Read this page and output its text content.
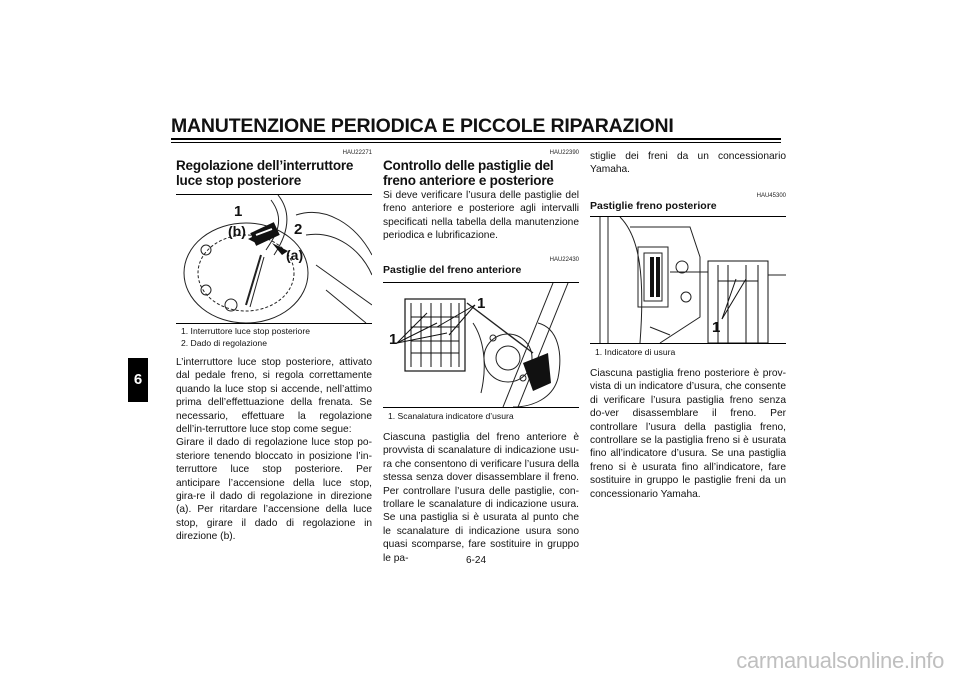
MANUTENZIONE PERIODICA E PICCOLE RIPARAZIONI
6
HAU22271
Regolazione dell’interruttore luce stop posteriore
1
2
(b)
(a)
1. Interruttore luce stop posteriore
2. Dado di regolazione
L’interruttore luce stop posteriore, attivato dal pedale freno, si regola correttamente quando la luce stop si accende, nell’attimo prima dell’effettuazione della frenata. Se necessario, effettuare la regolazione dell’in-terruttore luce stop come segue:
Girare il dado di regolazione luce stop po-steriore tenendo bloccato in posizione l’in-terruttore luce stop posteriore. Per anticipare l’accensione della luce stop, gira-re il dado di regolazione in direzione (a). Per ritardare l’accensione della luce stop, girare il dado di regolazione in direzione (b).
HAU22390
Controllo delle pastiglie del freno anteriore e posteriore
Si deve verificare l’usura delle pastiglie del freno anteriore e posteriore agli intervalli specificati nella tabella della manutenzione periodica e lubrificazione.
HAU22430
Pastiglie del freno anteriore
1
1
1. Scanalatura indicatore d’usura
Ciascuna pastiglia del freno anteriore è provvista di scanalature di indicazione usu-ra che consentono di verificare l’usura della stessa senza dover disassemblare il freno. Per controllare l’usura delle pastiglie, con-trollare le scanalature di indicazione usura. Se una pastiglia si è usurata al punto che le scanalature di indicazione usura sono quasi scomparse, fare sostituire in gruppo le pa-
stiglie dei freni da un concessionario Yamaha.
HAU45300
Pastiglie freno posteriore
1
1. Indicatore di usura
Ciascuna pastiglia freno posteriore è prov-vista di un indicatore d’usura, che consente di verificare l’usura pastiglia freno senza do-ver disassemblare il freno. Per controllare l’usura della pastiglia freno, controllare se la pastiglia freno si è usurata fino all’indicatore d’usura. Se una pastiglia freno si è usurata fino all’indicatore, fare sostituire in gruppo le pastiglie freni da un concessionario Yamaha.
6-24
carmanualsonline.info
